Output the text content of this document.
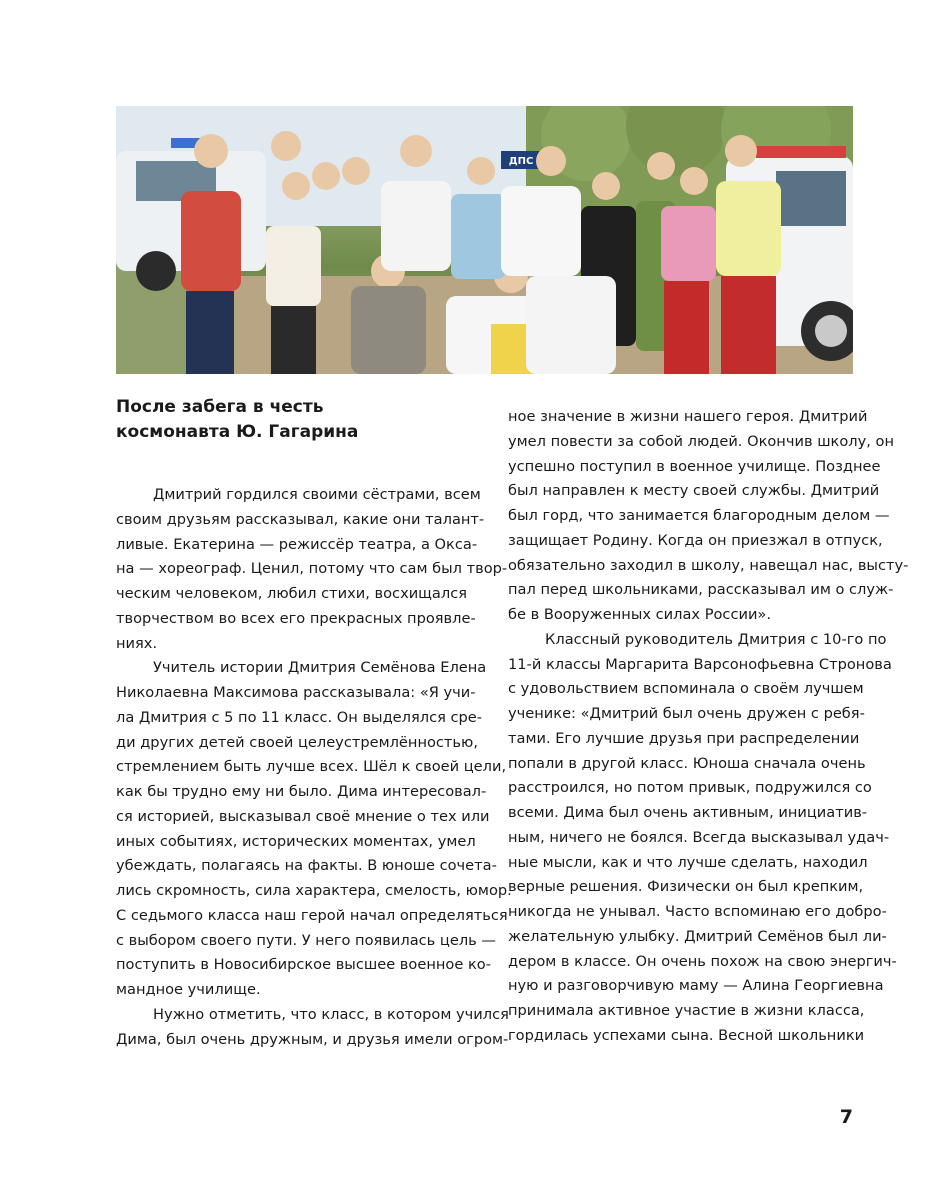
ДПС
После забега в честь
космонавта Ю. Гагарина
Дмитрий гордился своими сёстрами, всем
своим друзьям рассказывал, какие они талант-
ливые. Екатерина — режиссёр театра, а Окса-
на — хореограф. Ценил, потому что сам был твор-
ческим человеком, любил стихи, восхищался
творчеством во всех его прекрасных проявле-
ниях.
Учитель истории Дмитрия Семёнова Елена
Николаевна Максимова рассказывала: «Я учи-
ла Дмитрия с 5 по 11 класс. Он выделялся сре-
ди других детей своей целеустремлённостью,
стремлением быть лучше всех. Шёл к своей цели,
как бы трудно ему ни было. Дима интересовал-
ся историей, высказывал своё мнение о тех или
иных событиях, исторических моментах, умел
убеждать, полагаясь на факты. В юноше сочета-
лись скромность, сила характера, смелость, юмор.
С седьмого класса наш герой начал определяться
с выбором своего пути. У него появилась цель —
поступить в Новосибирское высшее военное ко-
мандное училище.
Нужно отметить, что класс, в котором учился
Дима, был очень дружным, и друзья имели огром-
ное значение в жизни нашего героя. Дмитрий
умел повести за собой людей. Окончив школу, он
успешно поступил в военное училище. Позднее
был направлен к месту своей службы. Дмитрий
был горд, что занимается благородным делом —
защищает Родину. Когда он приезжал в отпуск,
обязательно заходил в школу, навещал нас, высту-
пал перед школьниками, рассказывал им о служ-
бе в Вооруженных силах России».
Классный руководитель Дмитрия с 10-го по
11-й классы Маргарита Варсонофьевна Стронова
с удовольствием вспоминала о своём лучшем
ученике: «Дмитрий был очень дружен с ребя-
тами. Его лучшие друзья при распределении
попали в другой класс. Юноша сначала очень
расстроился, но потом привык, подружился со
всеми. Дима был очень активным, инициатив-
ным, ничего не боялся. Всегда высказывал удач-
ные мысли, как и что лучше сделать, находил
верные решения. Физически он был крепким,
никогда не унывал. Часто вспоминаю его добро-
желательную улыбку. Дмитрий Семёнов был ли-
дером в классе. Он очень похож на свою энергич-
ную и разговорчивую маму — Алина Георгиевна
принимала активное участие в жизни класса,
гордилась успехами сына. Весной школьники
7
